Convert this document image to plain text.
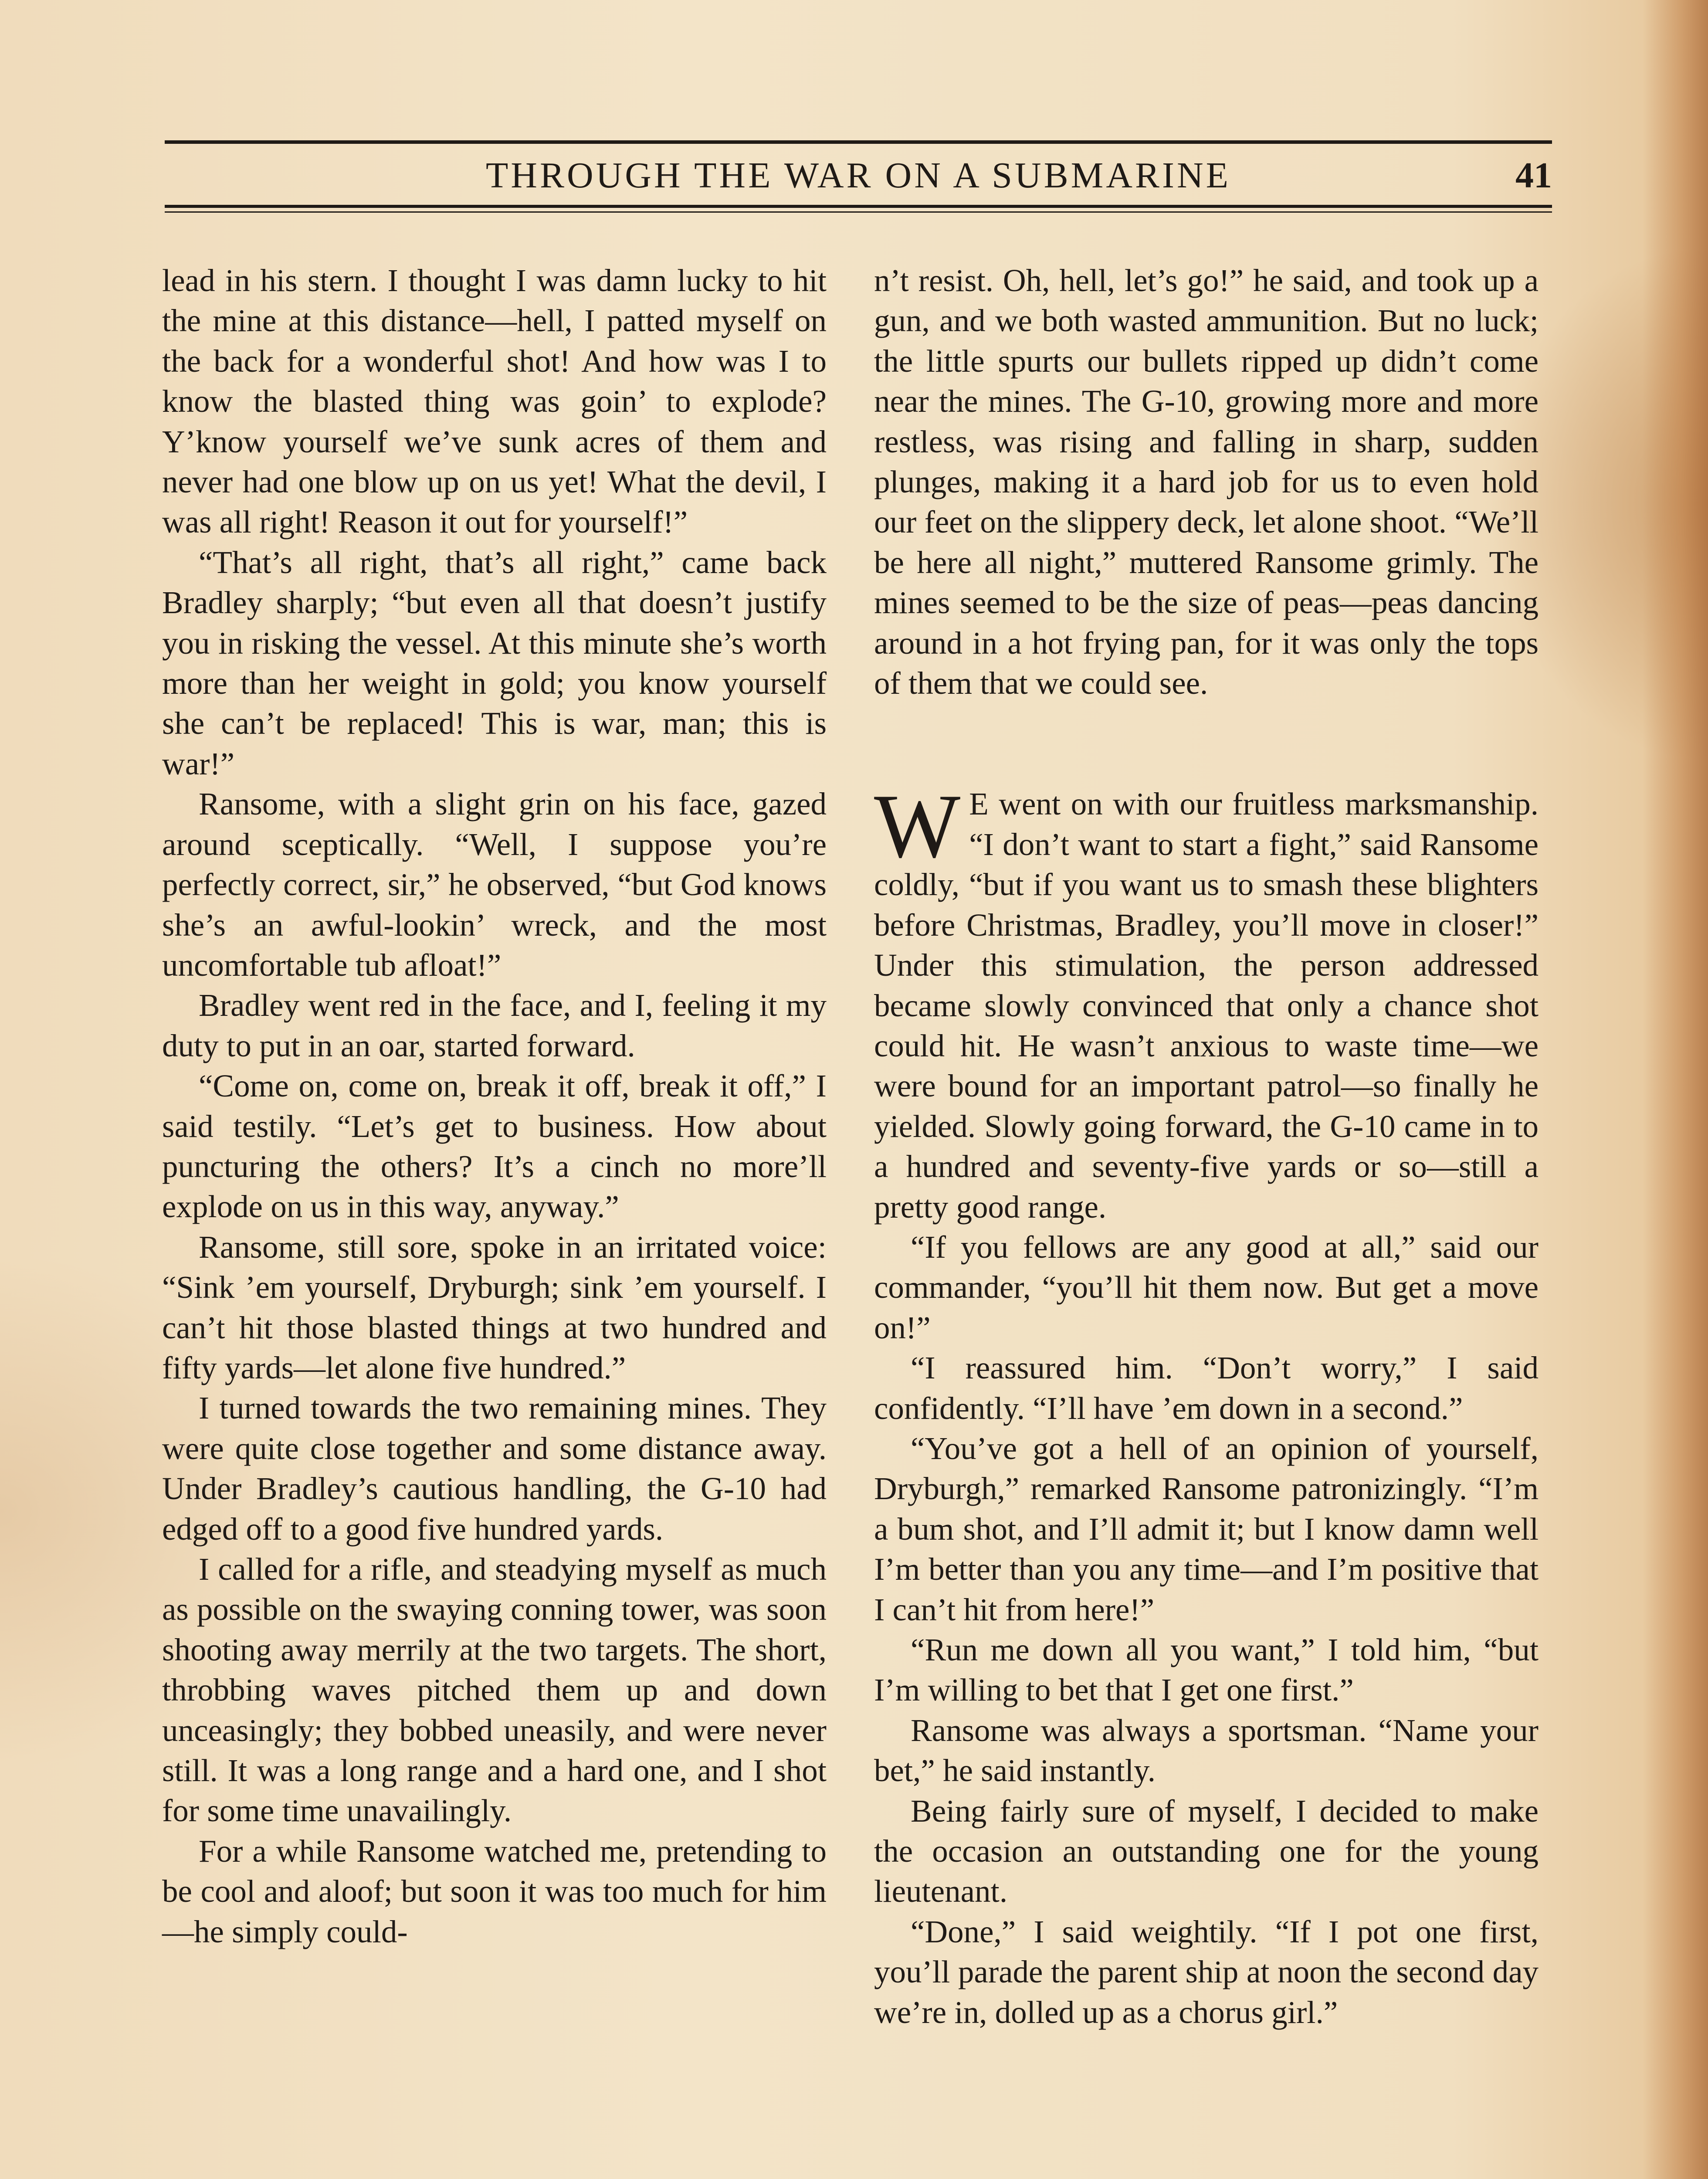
THROUGH THE WAR ON A SUBMARINE	41

lead in his stern. I thought I was damn lucky to hit the mine at this distance—hell, I patted myself on the back for a wonderful shot! And how was I to know the blasted thing was goin’ to explode? Y’know yourself we’ve sunk acres of them and never had one blow up on us yet! What the devil, I was all right! Reason it out for yourself!”

“That’s all right, that’s all right,” came back Bradley sharply; “but even all that doesn’t justify you in risking the vessel. At this minute she’s worth more than her weight in gold; you know yourself she can’t be replaced! This is war, man; this is war!”

Ransome, with a slight grin on his face, gazed around sceptically. “Well, I suppose you’re perfectly correct, sir,” he observed, “but God knows she’s an awful-lookin’ wreck, and the most uncomfortable tub afloat!”

Bradley went red in the face, and I, feeling it my duty to put in an oar, started forward.

“Come on, come on, break it off, break it off,” I said testily. “Let’s get to business. How about puncturing the others? It’s a cinch no more’ll explode on us in this way, anyway.”

Ransome, still sore, spoke in an irritated voice: “Sink ’em yourself, Dryburgh; sink ’em yourself. I can’t hit those blasted things at two hundred and fifty yards—let alone five hundred.”

I turned towards the two remaining mines. They were quite close together and some distance away. Under Bradley’s cautious handling, the G-10 had edged off to a good five hundred yards.

I called for a rifle, and steadying myself as much as possible on the swaying conning tower, was soon shooting away merrily at the two targets. The short, throbbing waves pitched them up and down unceasingly; they bobbed uneasily, and were never still. It was a long range and a hard one, and I shot for some time unavailingly.

For a while Ransome watched me, pretending to be cool and aloof; but soon it was too much for him—he simply could-

n’t resist. Oh, hell, let’s go!” he said, and took up a gun, and we both wasted ammunition. But no luck; the little spurts our bullets ripped up didn’t come near the mines. The G-10, growing more and more restless, was rising and falling in sharp, sudden plunges, making it a hard job for us to even hold our feet on the slippery deck, let alone shoot. “We’ll be here all night,” muttered Ransome grimly. The mines seemed to be the size of peas—peas dancing around in a hot frying pan, for it was only the tops of them that we could see.

W E went on with our fruitless marksmanship. “I don’t want to start a fight,” said Ransome coldly, “but if you want us to smash these blighters before Christmas, Bradley, you’ll move in closer!” Under this stimulation, the person addressed became slowly convinced that only a chance shot could hit. He wasn’t anxious to waste time—we were bound for an important patrol—so finally he yielded. Slowly going forward, the G-10 came in to a hundred and seventy-five yards or so—still a pretty good range.

“If you fellows are any good at all,” said our commander, “you’ll hit them now. But get a move on!”

“I reassured him. “Don’t worry,” I said confidently. “I’ll have ’em down in a second.”

“You’ve got a hell of an opinion of yourself, Dryburgh,” remarked Ransome patronizingly. “I’m a bum shot, and I’ll admit it; but I know damn well I’m better than you any time—and I’m positive that I can’t hit from here!”

“Run me down all you want,” I told him, “but I’m willing to bet that I get one first.”

Ransome was always a sportsman. “Name your bet,” he said instantly.

Being fairly sure of myself, I decided to make the occasion an outstanding one for the young lieutenant.

“Done,” I said weightily. “If I pot one first, you’ll parade the parent ship at noon the second day we’re in, dolled up as a chorus girl.”
